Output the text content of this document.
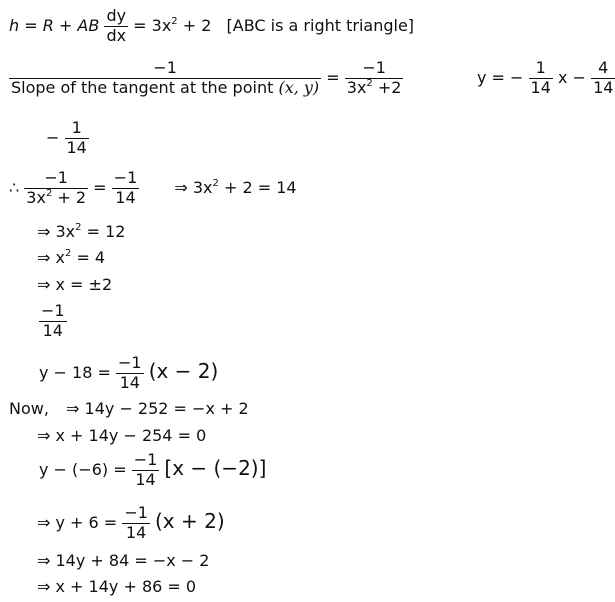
h = R + AB $\frac{dy}{dx} = 3x^2 + 2$ [ABC is a right triangle]
$\frac{-1}{\text{Slope of the tangent at the point (x, y)}} = \frac{-1}{3x^2 +2}$	y = − $\frac{1}{14}$ $x - \frac{4}{14}$
− $\frac{1}{14}$
∴ $\frac{-1}{3x^2 + 2} = \frac{-1}{14}$ ⇒ $3x^2 + 2 = 14$
⇒ $3x^2 = 12$
⇒ $x^2 = 4$
⇒ x = ±2
$\frac{-1}{14}$
$y - 18 = \frac{-1}{14} (x - 2)$
Now, ⇒ 14y − 252 = −x + 2
⇒ x + 14y − 254 = 0
$y - (-6) = \frac{-1}{14} [x - (-2)]$
⇒ $y + 6 = \frac{-1}{14} (x + 2)$
⇒ 14y + 84 = −x − 2
⇒ x + 14y + 86 = 0
